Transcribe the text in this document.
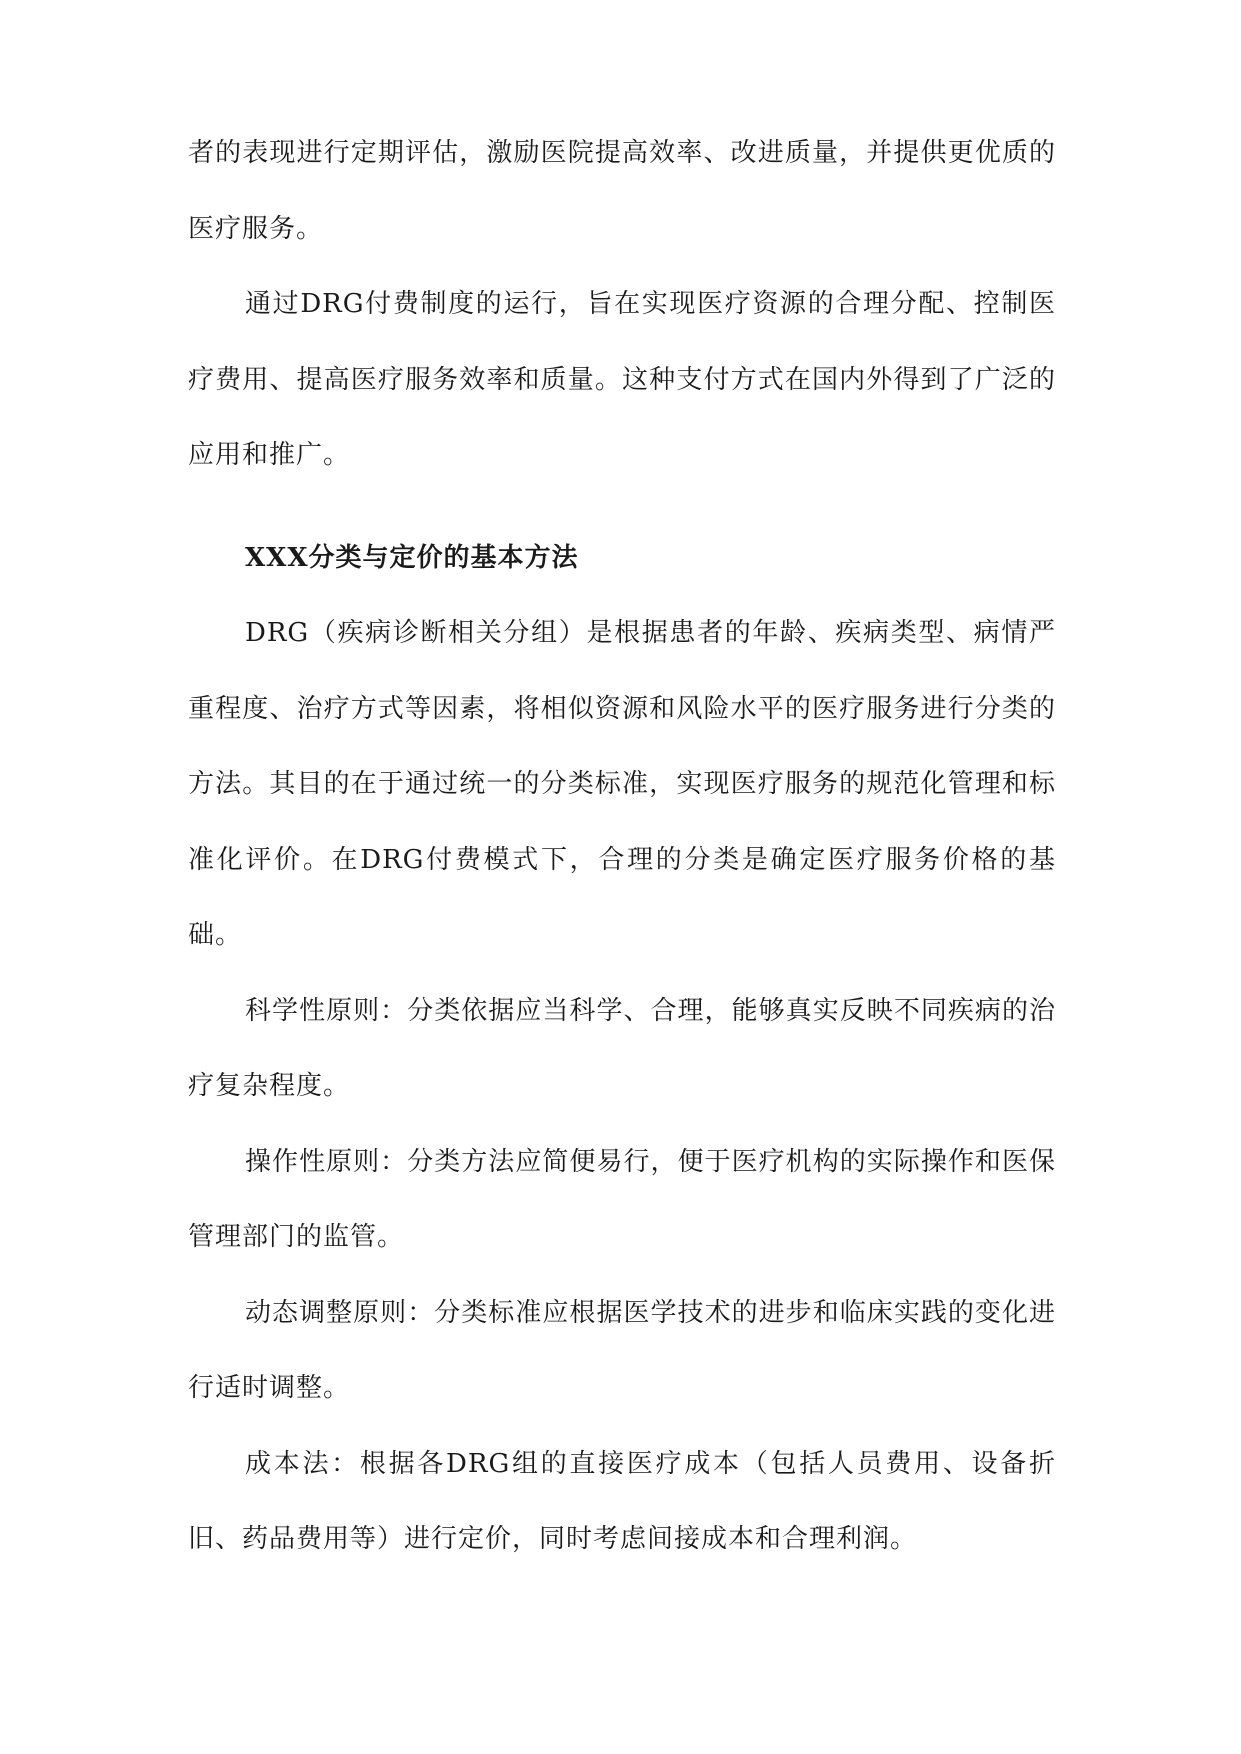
者的表现进行定期评估，激励医院提高效率、改进质量，并提供更优质的医疗服务。

通过DRG付费制度的运行，旨在实现医疗资源的合理分配、控制医疗费用、提高医疗服务效率和质量。这种支付方式在国内外得到了广泛的应用和推广。

XXX分类与定价的基本方法

DRG（疾病诊断相关分组）是根据患者的年龄、疾病类型、病情严重程度、治疗方式等因素，将相似资源和风险水平的医疗服务进行分类的方法。其目的在于通过统一的分类标准，实现医疗服务的规范化管理和标准化评价。在DRG付费模式下，合理的分类是确定医疗服务价格的基础。

科学性原则：分类依据应当科学、合理，能够真实反映不同疾病的治疗复杂程度。

操作性原则：分类方法应简便易行，便于医疗机构的实际操作和医保管理部门的监管。

动态调整原则：分类标准应根据医学技术的进步和临床实践的变化进行适时调整。

成本法：根据各DRG组的直接医疗成本（包括人员费用、设备折旧、药品费用等）进行定价，同时考虑间接成本和合理利润。
